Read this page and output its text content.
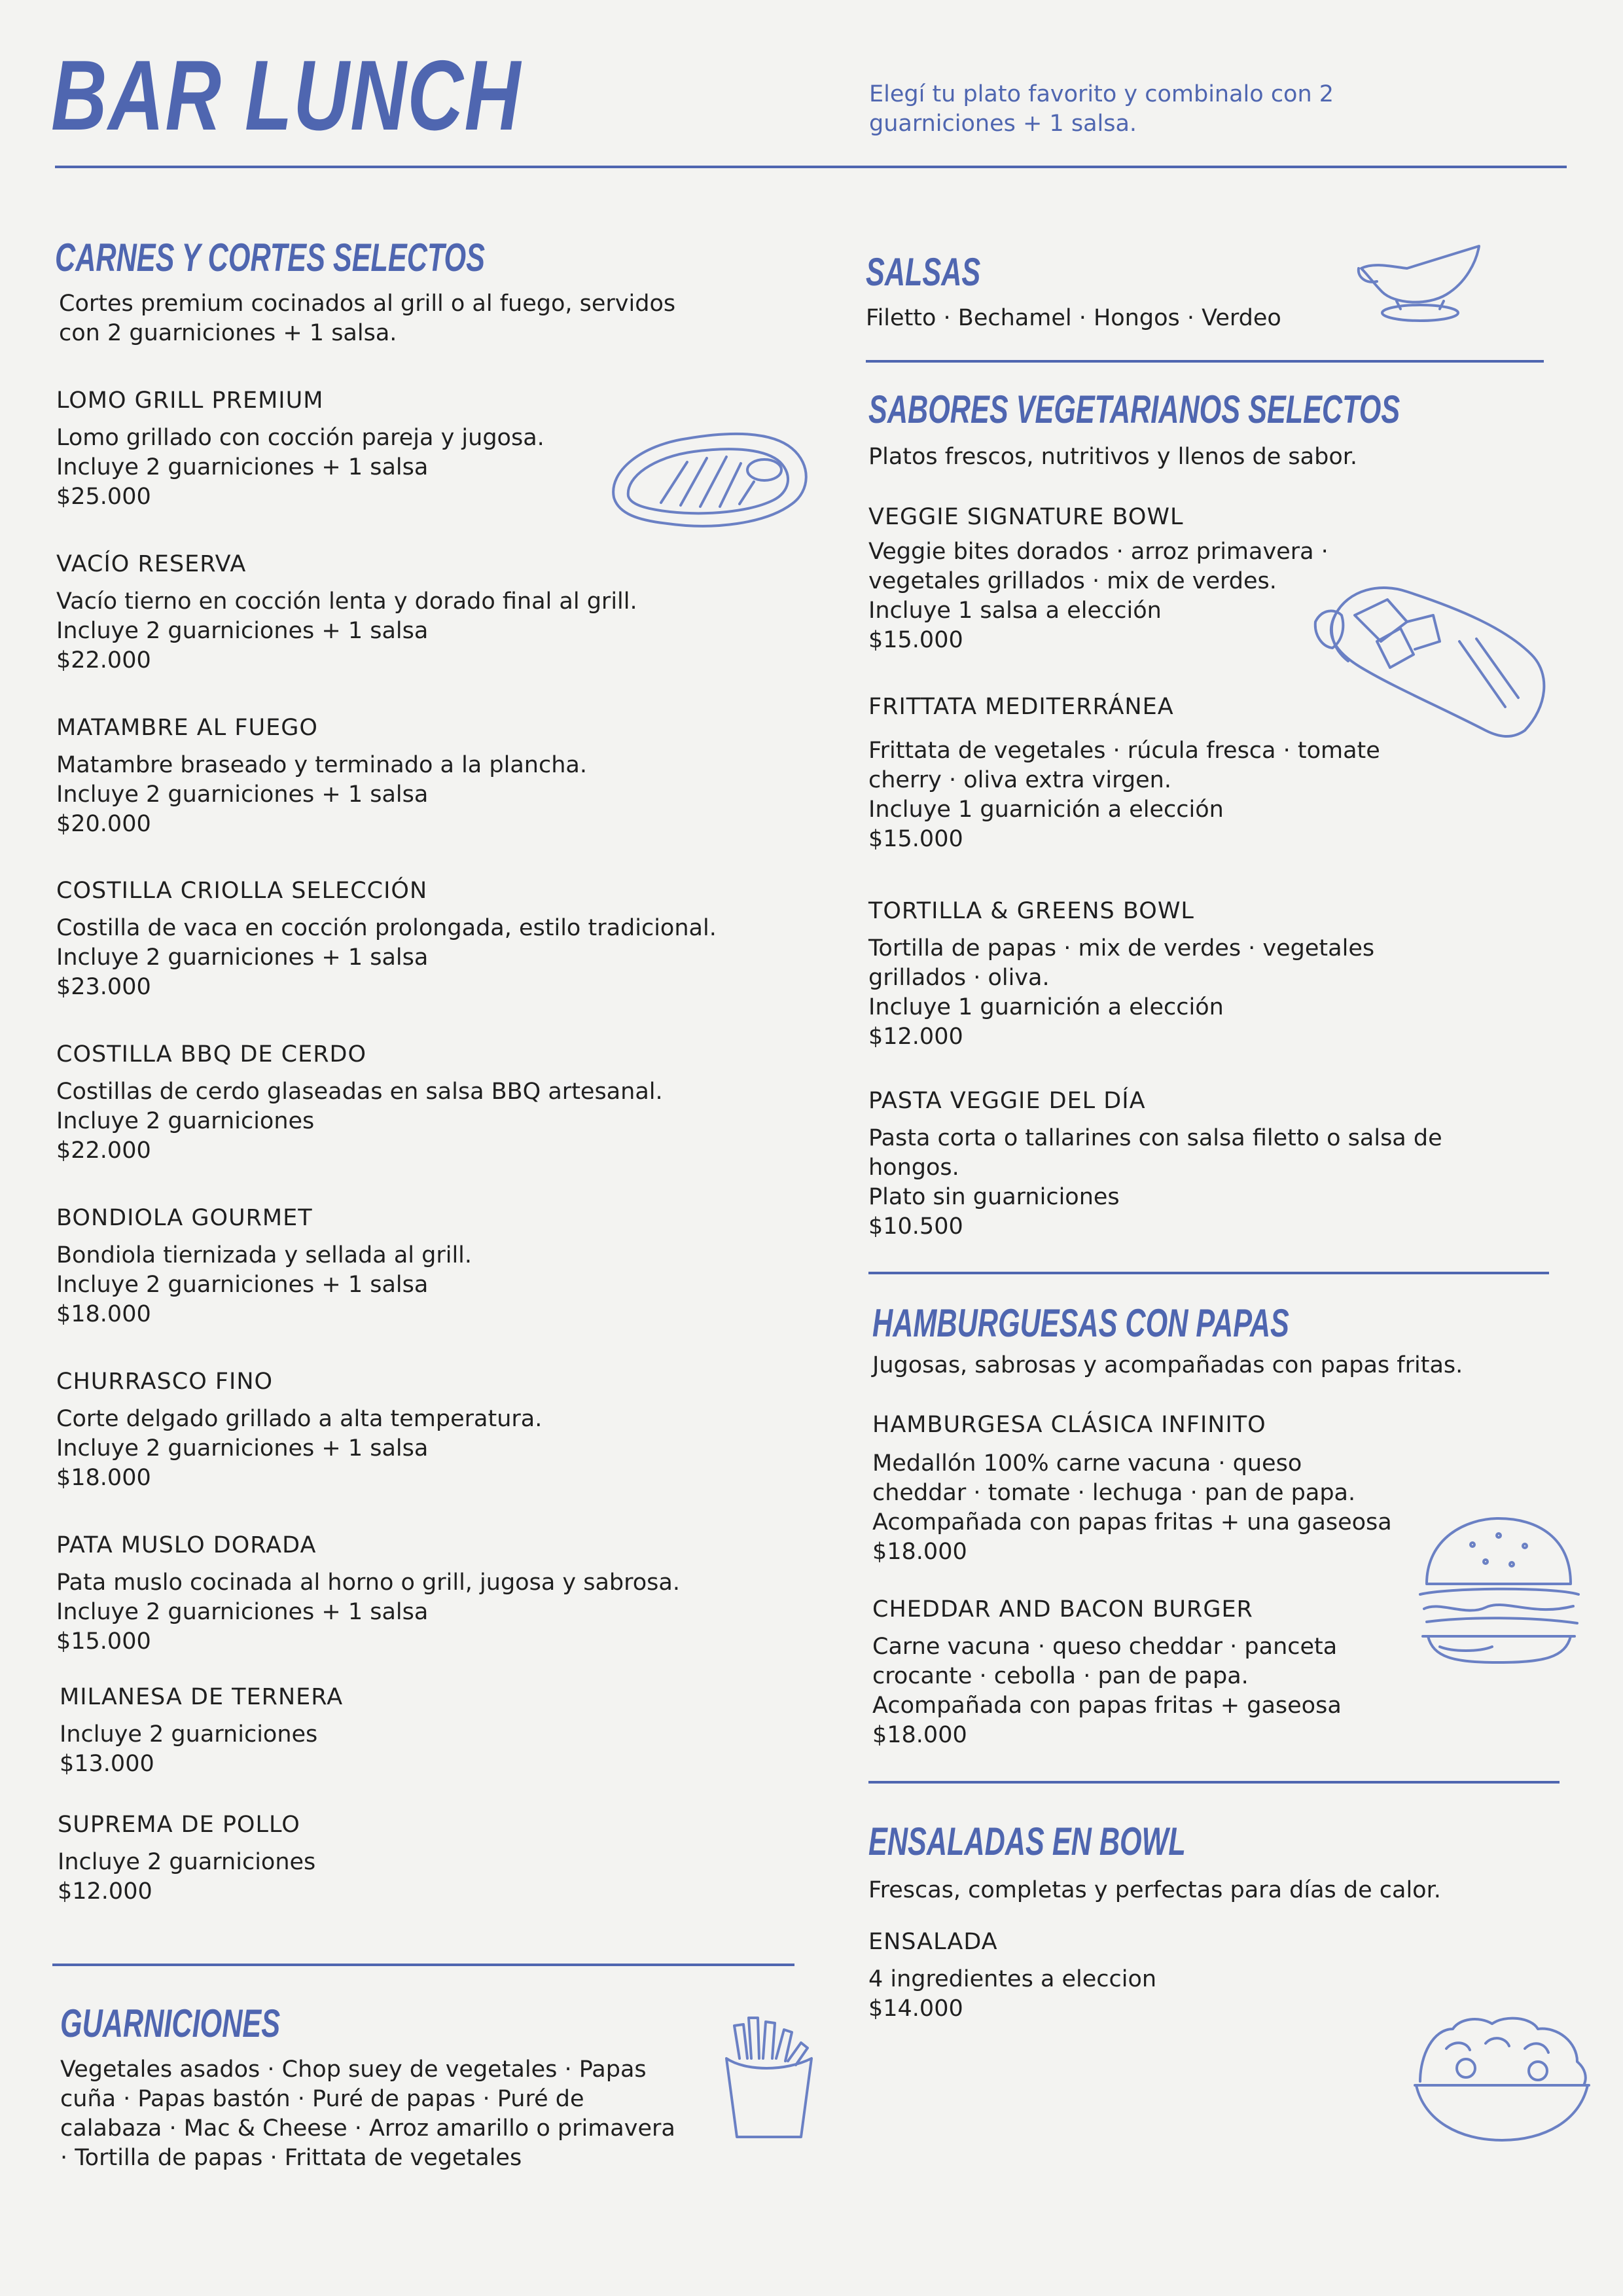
BAR LUNCH	Elegí tu plato favorito y combinalo con 2
guarniciones + 1 salsa.
CARNES Y CORTES SELECTOS
Cortes premium cocinados al grill o al fuego, servidos
con 2 guarniciones + 1 salsa.
LOMO GRILL PREMIUM
Lomo grillado con cocción pareja y jugosa.
Incluye 2 guarniciones + 1 salsa
$25.000
VACÍO RESERVA
Vacío tierno en cocción lenta y dorado final al grill.
Incluye 2 guarniciones + 1 salsa
$22.000
MATAMBRE AL FUEGO
Matambre braseado y terminado a la plancha.
Incluye 2 guarniciones + 1 salsa
$20.000
COSTILLA CRIOLLA SELECCIÓN
Costilla de vaca en cocción prolongada, estilo tradicional.
Incluye 2 guarniciones + 1 salsa
$23.000
COSTILLA BBQ DE CERDO
Costillas de cerdo glaseadas en salsa BBQ artesanal.
Incluye 2 guarniciones
$22.000
BONDIOLA GOURMET
Bondiola tiernizada y sellada al grill.
Incluye 2 guarniciones + 1 salsa
$18.000
CHURRASCO FINO
Corte delgado grillado a alta temperatura.
Incluye 2 guarniciones + 1 salsa
$18.000
PATA MUSLO DORADA
Pata muslo cocinada al horno o grill, jugosa y sabrosa.
Incluye 2 guarniciones + 1 salsa
$15.000
MILANESA DE TERNERA
Incluye 2 guarniciones
$13.000
SUPREMA DE POLLO
Incluye 2 guarniciones
$12.000
GUARNICIONES
Vegetales asados · Chop suey de vegetales · Papas
cuña · Papas bastón · Puré de papas · Puré de
calabaza · Mac & Cheese · Arroz amarillo o primavera
· Tortilla de papas · Frittata de vegetales
SALSAS
Filetto · Bechamel · Hongos · Verdeo
SABORES VEGETARIANOS SELECTOS
Platos frescos, nutritivos y llenos de sabor.
VEGGIE SIGNATURE BOWL
Veggie bites dorados · arroz primavera ·
vegetales grillados · mix de verdes.
Incluye 1 salsa a elección
$15.000
FRITTATA MEDITERRÁNEA
Frittata de vegetales · rúcula fresca · tomate
cherry · oliva extra virgen.
Incluye 1 guarnición a elección
$15.000
TORTILLA & GREENS BOWL
Tortilla de papas · mix de verdes · vegetales
grillados · oliva.
Incluye 1 guarnición a elección
$12.000
PASTA VEGGIE DEL DÍA
Pasta corta o tallarines con salsa filetto o salsa de
hongos.
Plato sin guarniciones
$10.500
HAMBURGUESAS CON PAPAS
Jugosas, sabrosas y acompañadas con papas fritas.
HAMBURGESA CLÁSICA INFINITO
Medallón 100% carne vacuna · queso
cheddar · tomate · lechuga · pan de papa.
Acompañada con papas fritas + una gaseosa
$18.000
CHEDDAR AND BACON BURGER
Carne vacuna · queso cheddar · panceta
crocante · cebolla · pan de papa.
Acompañada con papas fritas + gaseosa
$18.000
ENSALADAS EN BOWL
Frescas, completas y perfectas para días de calor.
ENSALADA
4 ingredientes a eleccion
$14.000
